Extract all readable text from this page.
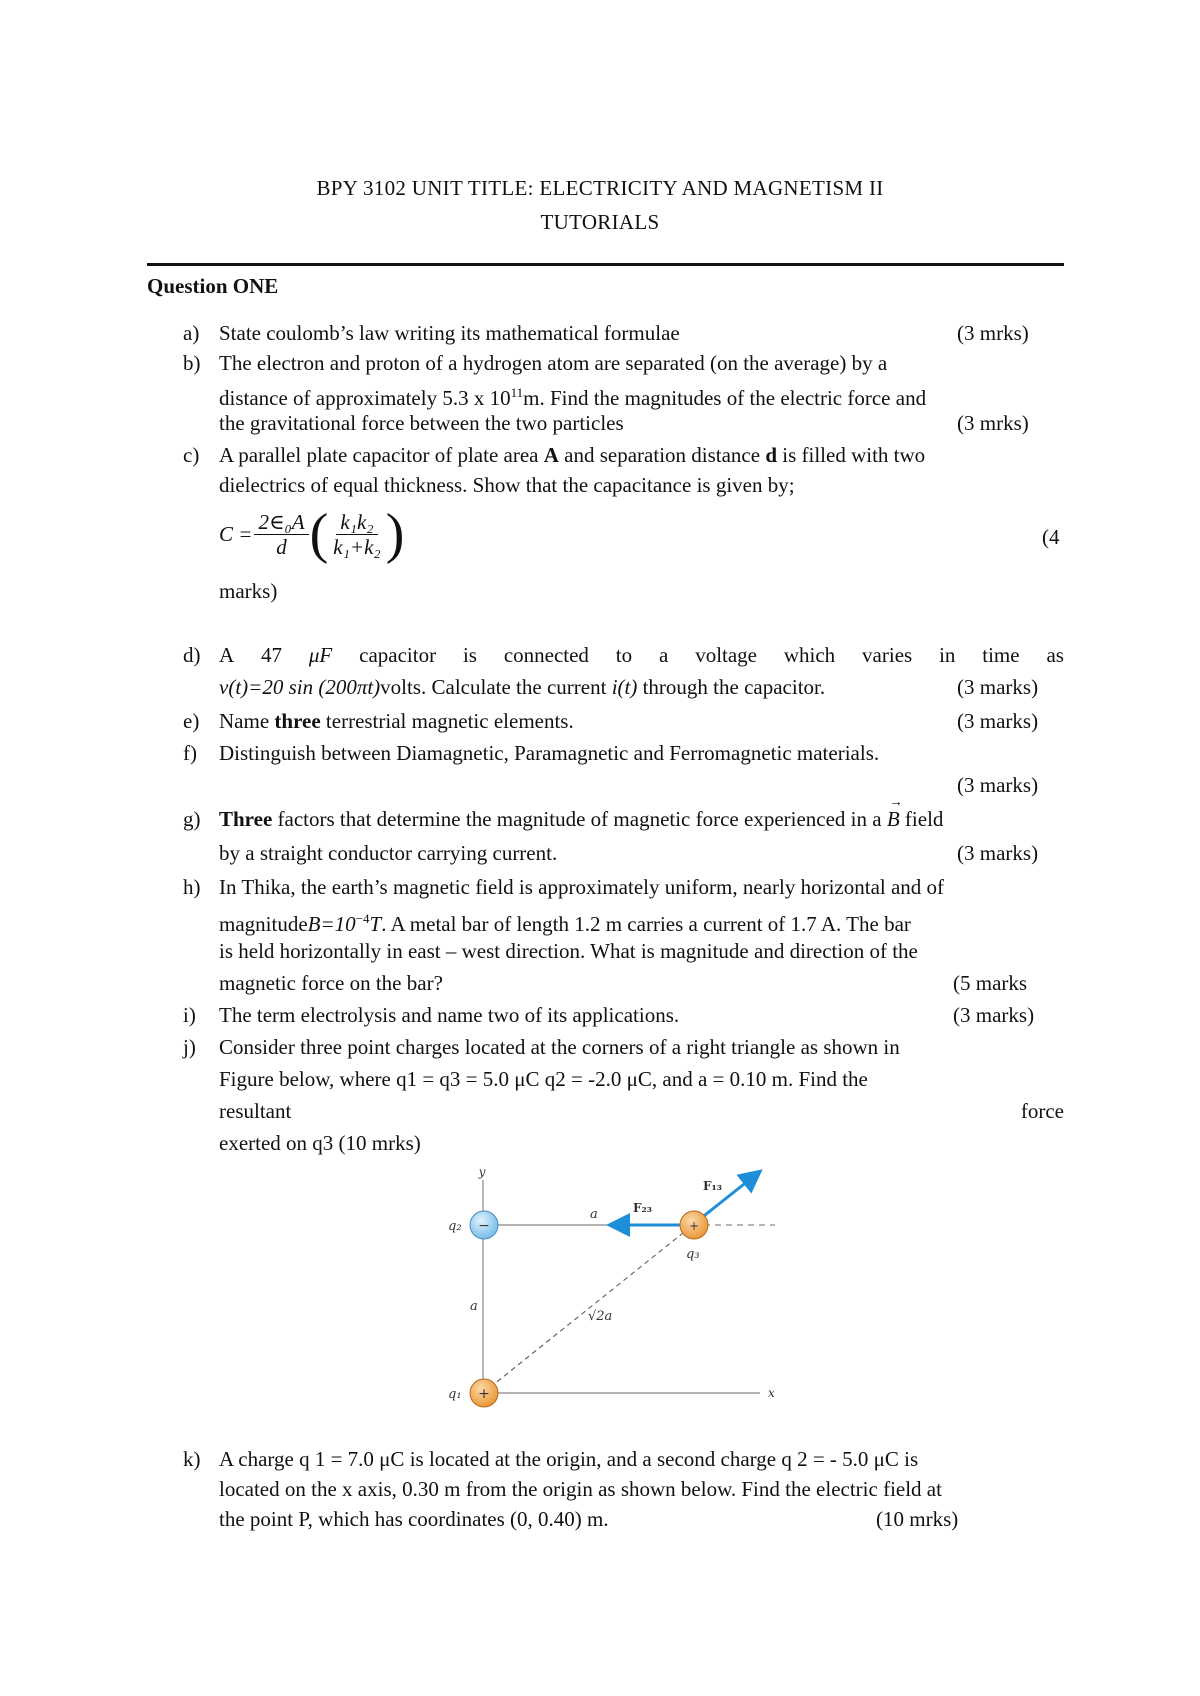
BPY 3102 UNIT TITLE: ELECTRICITY AND MAGNETISM II
TUTORIALS
Question ONE
a) State coulomb’s law writing its mathematical formulae	(3 mrks)
b) The electron and proton of a hydrogen atom are separated (on the average) by a
distance of approximately 5.3 x $10^{11}m$. Find the magnitudes of the electric force and
the gravitational force between the two particles	(3 mrks)
c) A parallel plate capacitor of plate area A and separation distance d is filled with two
dielectrics of equal thickness. Show that the capacitance is given by;
$C = \frac{\text{2∈₀A}}{d}$ ( $\frac{\text{k₁k₂}}{\text{k₁+k₂}}$ )	(4
marks)
d) A 47 μF capacitor is connected to a voltage which varies in time as
v(t)=20 sin (200πt)volts. Calculate the current i(t) through the capacitor.	(3 marks)
e) Name three terrestrial magnetic elements.	(3 marks)
f) Distinguish between Diamagnetic, Paramagnetic and Ferromagnetic materials.
(3 marks)
g) Three factors that determine the magnitude of magnetic force experienced in a → B field
by a straight conductor carrying current.	(3 marks)
h) In Thika, the earth’s magnetic field is approximately uniform, nearly horizontal and of
$magnitudeB=10^{-4}T$. A metal bar of length 1.2 m carries a current of 1.7 A. The bar
is held horizontally in east – west direction. What is magnitude and direction of the
magnetic force on the bar?	(5 marks
i) The term electrolysis and name two of its applications.	(3 marks)
j) Consider three point charges located at the corners of a right triangle as shown in
Figure below, where q1 = q3 = 5.0 μC q2 = -2.0 μC, and a = 0.10 m. Find the
resultant	force
exerted on q3 (10 mrks)
−	+
+
y
x
q₂
q₁
q₃
a
a
√2a
F₂₃
F₁₃
k) A charge q 1 = 7.0 μC is located at the origin, and a second charge q 2 = - 5.0 μC is
located on the x axis, 0.30 m from the origin as shown below. Find the electric field at
the point P, which has coordinates (0, 0.40) m.	(10 mrks)
